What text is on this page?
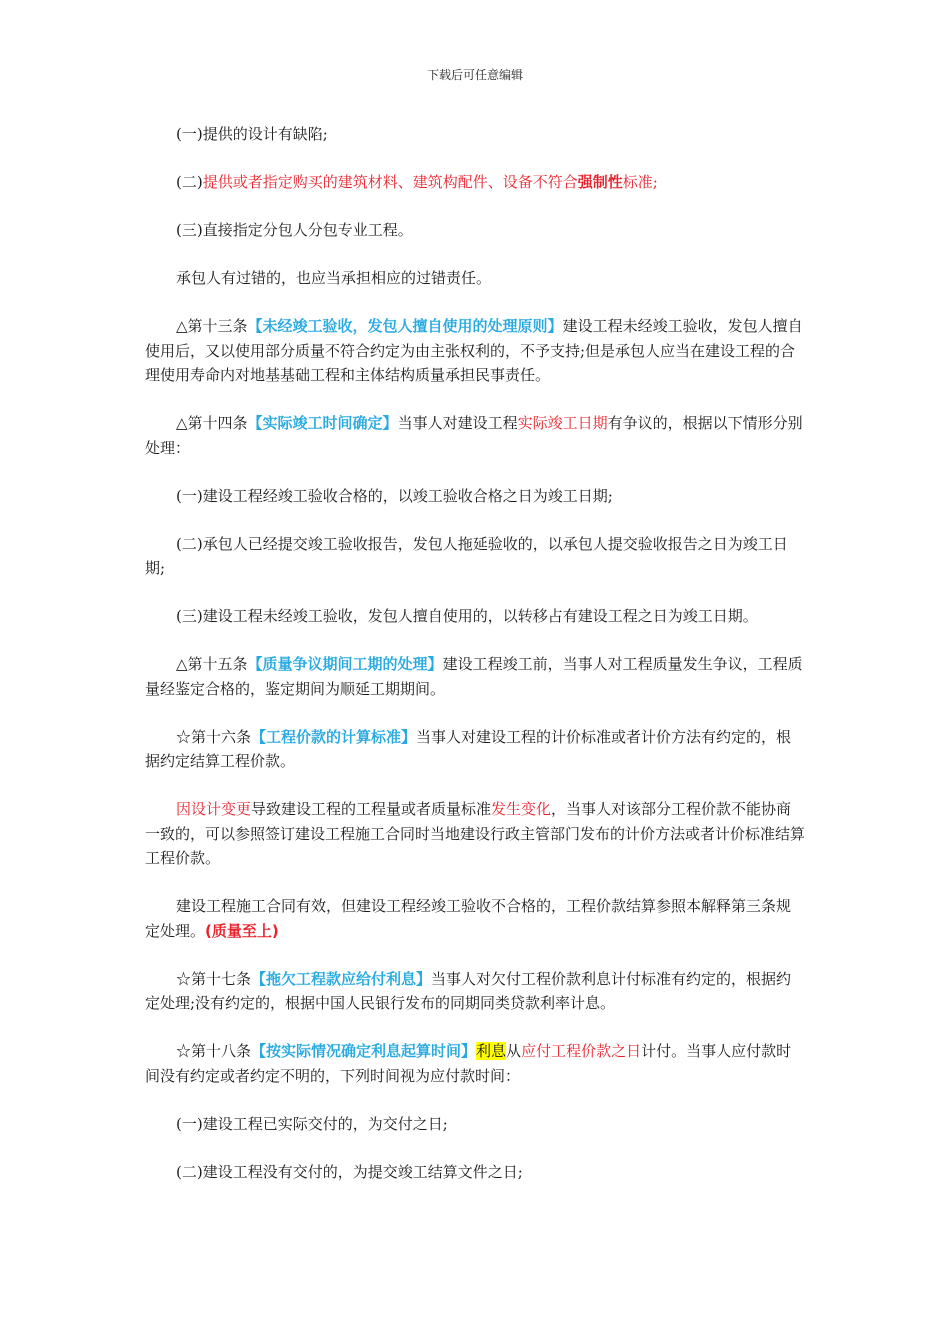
下载后可任意编辑

(一)提供的设计有缺陷;

(二)提供或者指定购买的建筑材料、建筑构配件、设备不符合强制性标准;

(三)直接指定分包人分包专业工程。

承包人有过错的，也应当承担相应的过错责任。

△第十三条【未经竣工验收，发包人擅自使用的处理原则】建设工程未经竣工验收，发包人擅自使用后，又以使用部分质量不符合约定为由主张权利的，不予支持;但是承包人应当在建设工程的合理使用寿命内对地基基础工程和主体结构质量承担民事责任。

△第十四条【实际竣工时间确定】当事人对建设工程实际竣工日期有争议的，根据以下情形分别处理：

(一)建设工程经竣工验收合格的，以竣工验收合格之日为竣工日期;

(二)承包人已经提交竣工验收报告，发包人拖延验收的，以承包人提交验收报告之日为竣工日期;

(三)建设工程未经竣工验收，发包人擅自使用的，以转移占有建设工程之日为竣工日期。

△第十五条【质量争议期间工期的处理】建设工程竣工前，当事人对工程质量发生争议，工程质量经鉴定合格的，鉴定期间为顺延工期期间。

☆第十六条【工程价款的计算标准】当事人对建设工程的计价标准或者计价方法有约定的，根据约定结算工程价款。

因设计变更导致建设工程的工程量或者质量标准发生变化，当事人对该部分工程价款不能协商一致的，可以参照签订建设工程施工合同时当地建设行政主管部门发布的计价方法或者计价标准结算工程价款。

建设工程施工合同有效，但建设工程经竣工验收不合格的，工程价款结算参照本解释第三条规定处理。(质量至上)

☆第十七条【拖欠工程款应给付利息】当事人对欠付工程价款利息计付标准有约定的，根据约定处理;没有约定的，根据中国人民银行发布的同期同类贷款利率计息。

☆第十八条【按实际情况确定利息起算时间】利息从应付工程价款之日计付。当事人应付款时间没有约定或者约定不明的，下列时间视为应付款时间：

(一)建设工程已实际交付的，为交付之日;

(二)建设工程没有交付的，为提交竣工结算文件之日;
